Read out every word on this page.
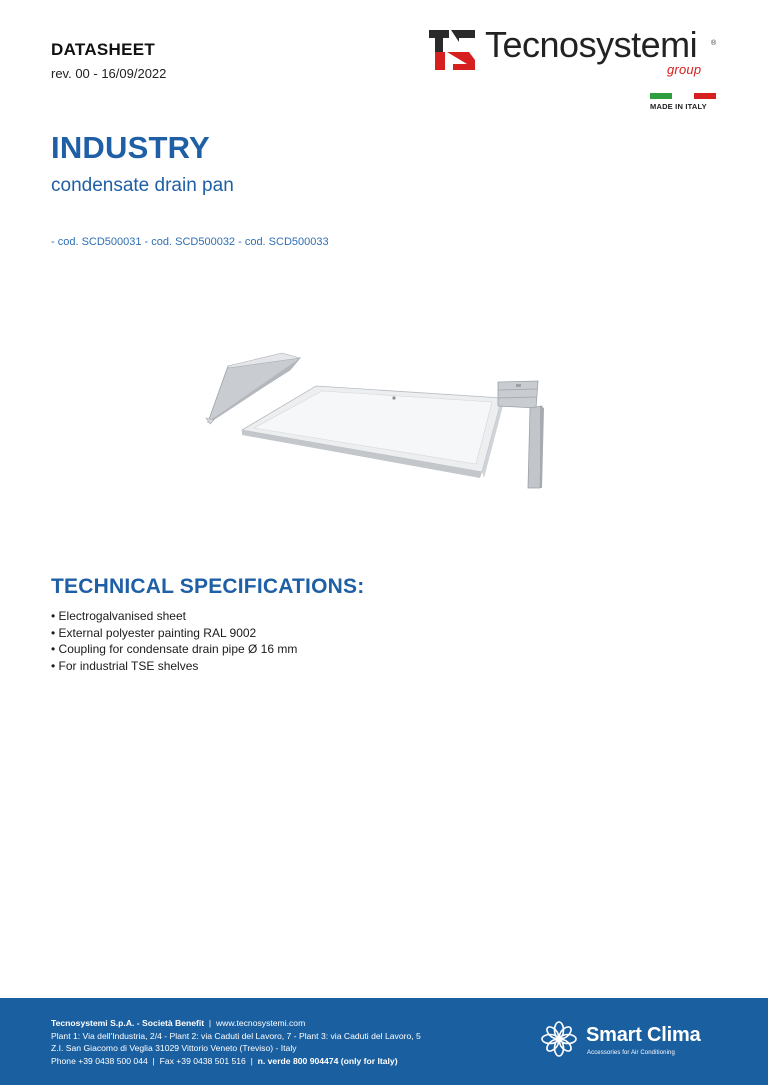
DATASHEET
rev. 00 - 16/09/2022
Tecnosystemi ®
group
MADE IN ITALY
INDUSTRY
condensate drain pan
- cod. SCD500031 - cod. SCD500032 - cod. SCD500033
TECHNICAL SPECIFICATIONS:
• Electrogalvanised sheet
• External polyester painting RAL 9002
• Coupling for condensate drain pipe Ø 16 mm
• For industrial TSE shelves
Tecnosystemi S.p.A. - Società Benefit  |  www.tecnosystemi.com
Plant 1: Via dell'Industria, 2/4 - Plant 2: via Caduti del Lavoro, 7 - Plant 3: via Caduti del Lavoro, 5
Z.I. San Giacomo di Veglia 31029 Vittorio Veneto (Treviso) - Italy
Phone +39 0438 500 044  |  Fax +39 0438 501 516  |  n. verde 800 904474 (only for Italy)
Smart Clima
Accessories for Air Conditioning
